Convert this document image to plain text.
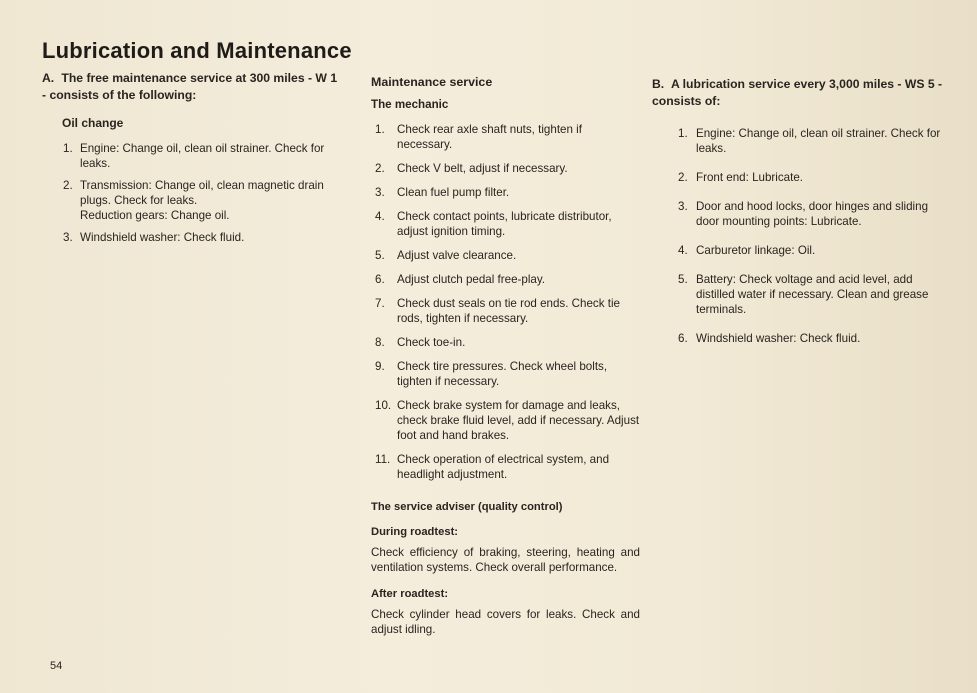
Lubrication and Maintenance
A. The free maintenance service at 300 miles - W 1 - consists of the following:
Oil change
1. Engine: Change oil, clean oil strainer. Check for leaks.
2. Transmission: Change oil, clean magnetic drain plugs. Check for leaks.
Reduction gears: Change oil.
3. Windshield washer: Check fluid.
Maintenance service
The mechanic
1.	Check rear axle shaft nuts, tighten if necessary.
2.	Check V belt, adjust if necessary.
3.	Clean fuel pump filter.
4.	Check contact points, lubricate distributor, adjust ignition timing.
5.	Adjust valve clearance.
6.	Adjust clutch pedal free-play.
7.	Check dust seals on tie rod ends. Check tie rods, tighten if necessary.
8.	Check toe-in.
9.	Check tire pressures. Check wheel bolts, tighten if necessary.
10. Check brake system for damage and leaks, check brake fluid level, add if necessary. Adjust foot and hand brakes.
11. Check operation of electrical system, and headlight adjustment.
The service adviser (quality control)
During roadtest:
Check efficiency of braking, steering, heating and ventilation systems. Check overall performance.
After roadtest:
Check cylinder head covers for leaks. Check and adjust idling.
B. A lubrication service every 3,000 miles - WS 5 - consists of:
1. Engine: Change oil, clean oil strainer. Check for leaks.
2. Front end: Lubricate.
3. Door and hood locks, door hinges and sliding door mounting points: Lubricate.
4. Carburetor linkage: Oil.
5. Battery: Check voltage and acid level, add distilled water if necessary. Clean and grease terminals.
6. Windshield washer: Check fluid.
54
